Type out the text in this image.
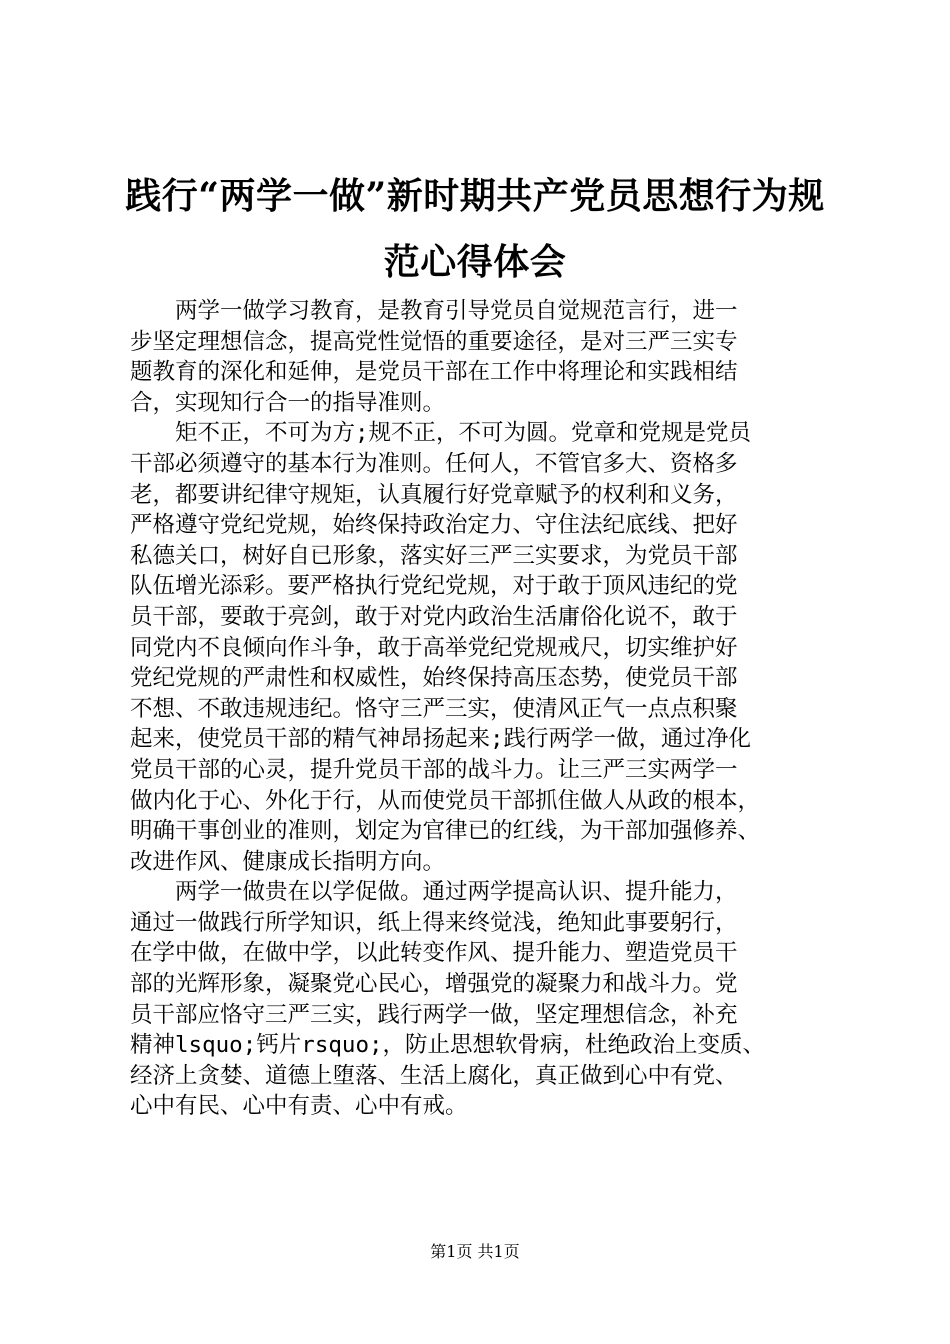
践行“两学一做”新时期共产党员思想行为规
范心得体会

两学一做学习教育，是教育引导党员自觉规范言行，进一
步坚定理想信念，提高党性觉悟的重要途径，是对三严三实专
题教育的深化和延伸，是党员干部在工作中将理论和实践相结
合，实现知行合一的指导准则。

矩不正，不可为方;规不正，不可为圆。党章和党规是党员
干部必须遵守的基本行为准则。任何人，不管官多大、资格多
老，都要讲纪律守规矩，认真履行好党章赋予的权利和义务，
严格遵守党纪党规，始终保持政治定力、守住法纪底线、把好
私德关口，树好自已形象，落实好三严三实要求，为党员干部
队伍增光添彩。要严格执行党纪党规，对于敢于顶风违纪的党
员干部，要敢于亮剑，敢于对党内政治生活庸俗化说不，敢于
同党内不良倾向作斗争，敢于高举党纪党规戒尺，切实维护好
党纪党规的严肃性和权威性，始终保持高压态势，使党员干部
不想、不敢违规违纪。恪守三严三实，使清风正气一点点积聚
起来，使党员干部的精气神昂扬起来;践行两学一做，通过净化
党员干部的心灵，提升党员干部的战斗力。让三严三实两学一
做内化于心、外化于行，从而使党员干部抓住做人从政的根本，
明确干事创业的准则，划定为官律已的红线，为干部加强修养、
改进作风、健康成长指明方向。

两学一做贵在以学促做。通过两学提高认识、提升能力，
通过一做践行所学知识，纸上得来终觉浅，绝知此事要躬行，
在学中做，在做中学，以此转变作风、提升能力、塑造党员干
部的光辉形象，凝聚党心民心，增强党的凝聚力和战斗力。党
员干部应恪守三严三实，践行两学一做，坚定理想信念，补充
精神lsquo;钙片rsquo;，防止思想软骨病，杜绝政治上变质、
经济上贪婪、道德上堕落、生活上腐化，真正做到心中有党、
心中有民、心中有责、心中有戒。

第1页 共1页
